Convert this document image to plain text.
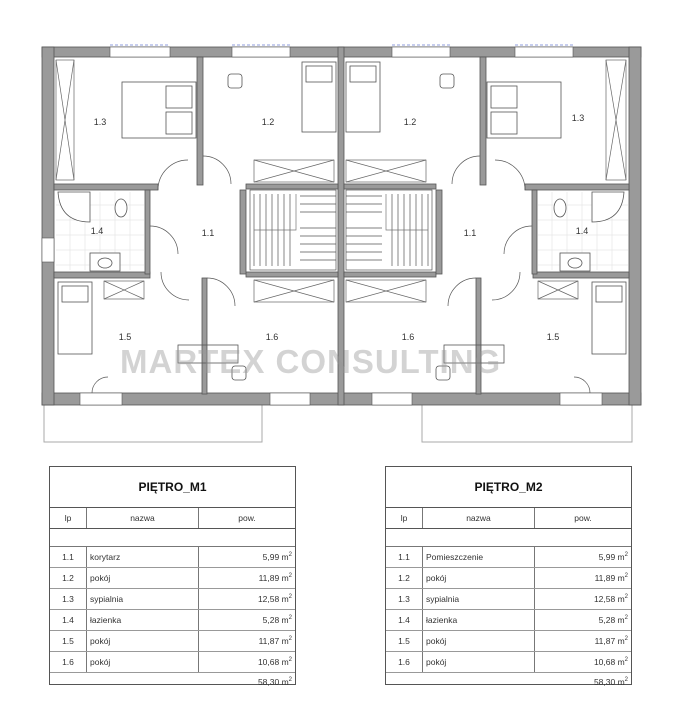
1.3	1.2	1.2	1.3
1.4	1.1	1.1	1.4
1.5	1.6	1.6	1.5
MARTEX CONSULTING
PIĘTRO_M1
lp	nazwa	pow.
1.1	korytarz	5,99 $m^2$
1.2	pokój	11,89 $m^2$
1.3	sypialnia	12,58 $m^2$
1.4	łazienka	5,28 $m^2$
1.5	pokój	11,87 $m^2$
1.6	pokój	10,68 $m^2$
58,30 $m^2$
PIĘTRO_M2
lp	nazwa	pow.
1.1	Pomieszczenie	5,99 $m^2$
1.2	pokój	11,89 $m^2$
1.3	sypialnia	12,58 $m^2$
1.4	łazienka	5,28 $m^2$
1.5	pokój	11,87 $m^2$
1.6	pokój	10,68 $m^2$
58,30 $m^2$
